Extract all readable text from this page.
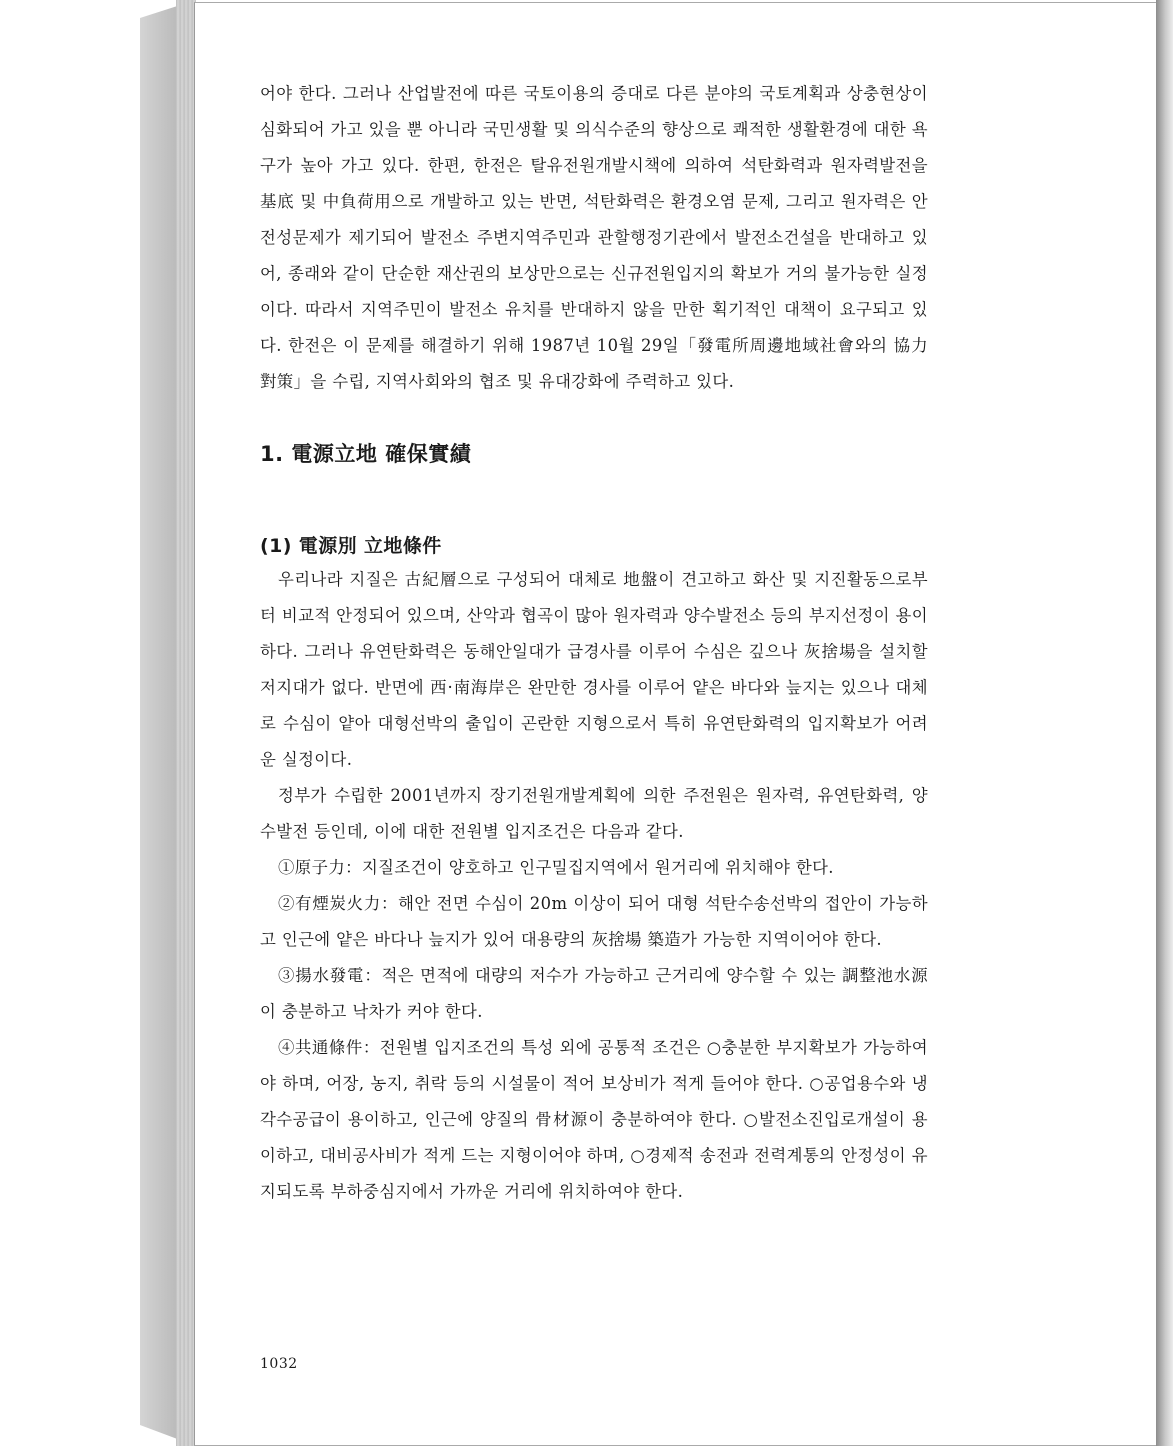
어야 한다. 그러나 산업발전에 따른 국토이용의 증대로 다른 분야의 국토계획과 상충현상이 심화되어 가고 있을 뿐 아니라 국민생활 및 의식수준의 향상으로 쾌적한 생활환경에 대한 욕구가 높아 가고 있다. 한편, 한전은 탈유전원개발시책에 의하여 석탄화력과 원자력발전을 基底 및 中負荷用으로 개발하고 있는 반면, 석탄화력은 환경오염 문제, 그리고 원자력은 안전성문제가 제기되어 발전소 주변지역주민과 관할행정기관에서 발전소건설을 반대하고 있어, 종래와 같이 단순한 재산권의 보상만으로는 신규전원입지의 확보가 거의 불가능한 실정이다. 따라서 지역주민이 발전소 유치를 반대하지 않을 만한 획기적인 대책이 요구되고 있다. 한전은 이 문제를 해결하기 위해 1987년 10월 29일「發電所周邊地域社會와의 協力對策」을 수립, 지역사회와의 협조 및 유대강화에 주력하고 있다.

1. 電源立地 確保實績
(1) 電源別 立地條件

우리나라 지질은 古紀層으로 구성되어 대체로 地盤이 견고하고 화산 및 지진활동으로부터 비교적 안정되어 있으며, 산악과 협곡이 많아 원자력과 양수발전소 등의 부지선정이 용이하다. 그러나 유연탄화력은 동해안일대가 급경사를 이루어 수심은 깊으나 灰捨場을 설치할 저지대가 없다. 반면에 西·南海岸은 완만한 경사를 이루어 얕은 바다와 늪지는 있으나 대체로 수심이 얕아 대형선박의 출입이 곤란한 지형으로서 특히 유연탄화력의 입지확보가 어려운 실정이다.

정부가 수립한 2001년까지 장기전원개발계획에 의한 주전원은 원자력, 유연탄화력, 양수발전 등인데, 이에 대한 전원별 입지조건은 다음과 같다.

①原子力：지질조건이 양호하고 인구밀집지역에서 원거리에 위치해야 한다.

②有煙炭火力：해안 전면 수심이 20m 이상이 되어 대형 석탄수송선박의 접안이 가능하고 인근에 얕은 바다나 늪지가 있어 대용량의 灰捨場 築造가 가능한 지역이어야 한다.

③揚水發電：적은 면적에 대량의 저수가 가능하고 근거리에 양수할 수 있는 調整池水源이 충분하고 낙차가 커야 한다.

④共通條件：전원별 입지조건의 특성 외에 공통적 조건은 ○충분한 부지확보가 가능하여야 하며, 어장, 농지, 취락 등의 시설물이 적어 보상비가 적게 들어야 한다. ○공업용수와 냉각수공급이 용이하고, 인근에 양질의 骨材源이 충분하여야 한다. ○발전소진입로개설이 용이하고, 대비공사비가 적게 드는 지형이어야 하며, ○경제적 송전과 전력계통의 안정성이 유지되도록 부하중심지에서 가까운 거리에 위치하여야 한다.

1032
